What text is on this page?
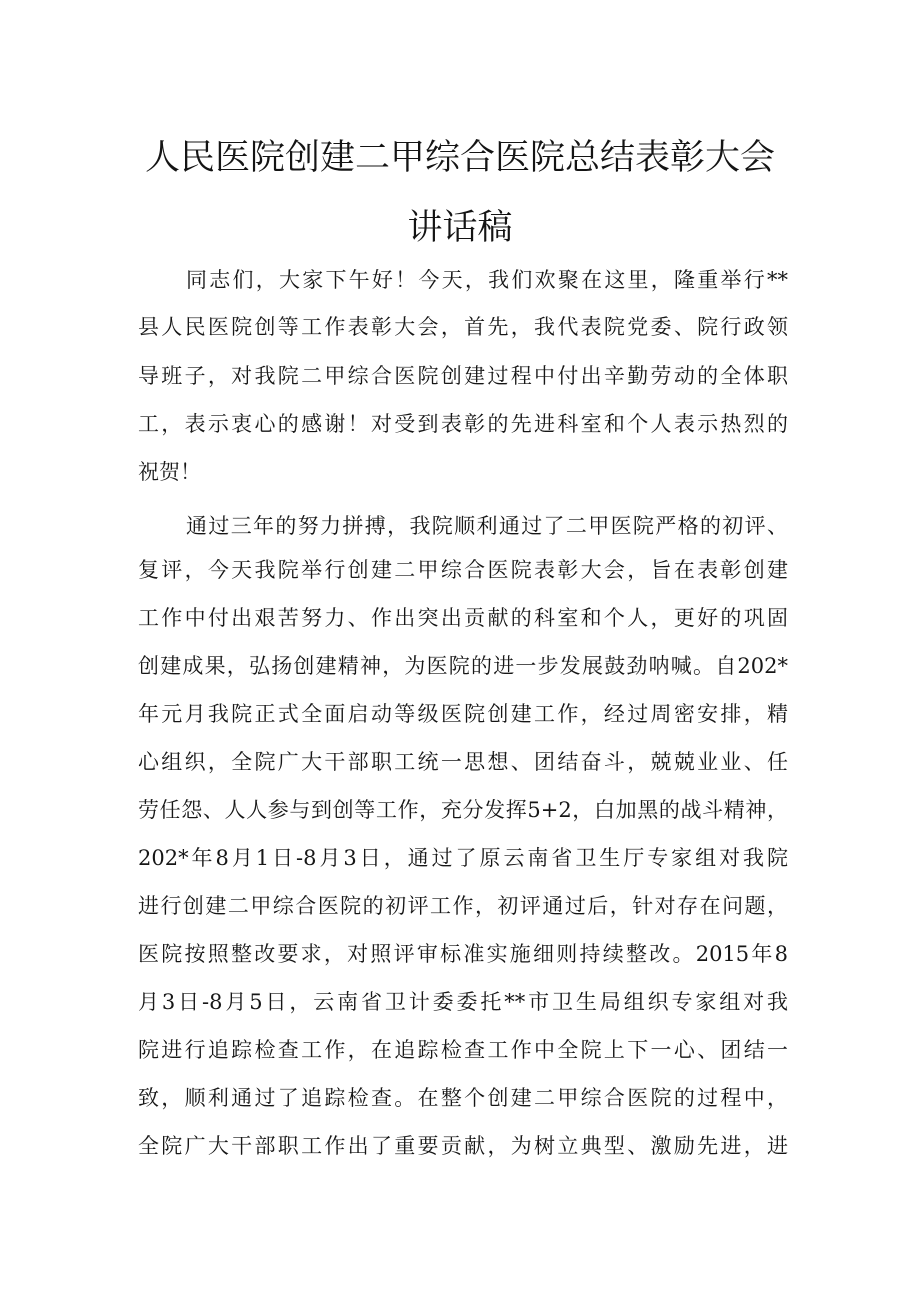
人民医院创建二甲综合医院总结表彰大会
讲话稿
同志们，大家下午好！今天，我们欢聚在这里，隆重举行**
县人民医院创等工作表彰大会，首先，我代表院党委、院行政领
导班子，对我院二甲综合医院创建过程中付出辛勤劳动的全体职
工，表示衷心的感谢！对受到表彰的先进科室和个人表示热烈的
祝贺！
通过三年的努力拼搏，我院顺利通过了二甲医院严格的初评、
复评，今天我院举行创建二甲综合医院表彰大会，旨在表彰创建
工作中付出艰苦努力、作出突出贡献的科室和个人，更好的巩固
创建成果，弘扬创建精神，为医院的进一步发展鼓劲呐喊。自202*
年元月我院正式全面启动等级医院创建工作，经过周密安排，精
心组织，全院广大干部职工统一思想、团结奋斗，兢兢业业、任
劳任怨、人人参与到创等工作，充分发挥5+2，白加黑的战斗精神，
202*年8月1日-8月3日，通过了原云南省卫生厅专家组对我院
进行创建二甲综合医院的初评工作，初评通过后，针对存在问题，
医院按照整改要求，对照评审标准实施细则持续整改。2015年8
月3日-8月5日，云南省卫计委委托**市卫生局组织专家组对我
院进行追踪检查工作，在追踪检查工作中全院上下一心、团结一
致，顺利通过了追踪检查。在整个创建二甲综合医院的过程中，
全院广大干部职工作出了重要贡献，为树立典型、激励先进，进
